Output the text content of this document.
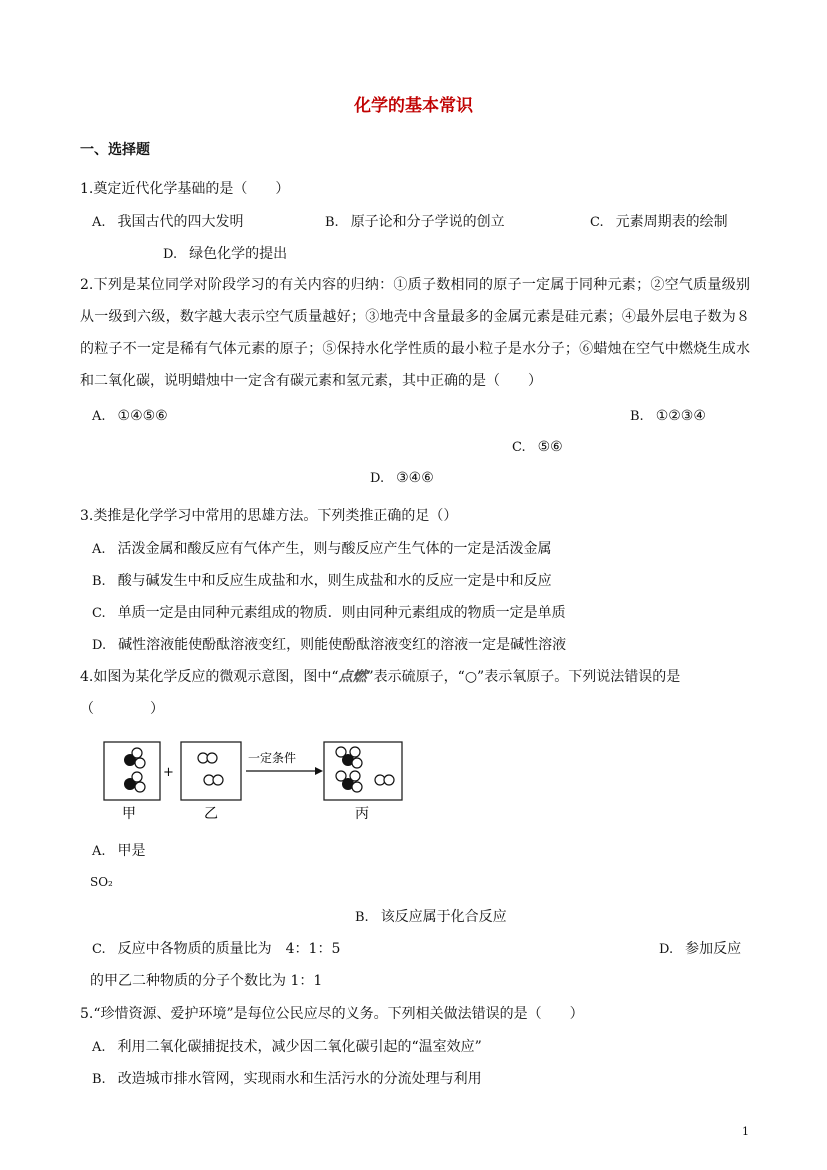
化学的基本常识
一、选择题
1.奠定近代化学基础的是（　　）
A. 我国古代的四大发明	B. 原子论和分子学说的创立	C. 元素周期表的绘制
D. 绿色化学的提出
2.下列是某位同学对阶段学习的有关内容的归纳：①质子数相同的原子一定属于同种元素；②空气质量级别从一级到六级，数字越大表示空气质量越好；③地壳中含量最多的金属元素是硅元素；④最外层电子数为８的粒子不一定是稀有气体元素的原子；⑤保持水化学性质的最小粒子是水分子；⑥蜡烛在空气中燃烧生成水和二氧化碳，说明蜡烛中一定含有碳元素和氢元素，其中正确的是（　　）
A. ①④⑤⑥	B. ①②③④
C. ⑤⑥
D. ③④⑥
3.类推是化学学习中常用的思雄方法。下列类推正确的足（）
A. 活泼金属和酸反应有气体产生，则与酸反应产生气体的一定是活泼金属
B. 酸与碱发生中和反应生成盐和水，则生成盐和水的反应一定是中和反应
C. 单质一定是由同种元素组成的物质．则由同种元素组成的物质一定是单质
D. 碱性溶液能使酚酞溶液变红，则能使酚酞溶液变红的溶液一定是碱性溶液
4.如图为某化学反应的微观示意图，图中“点燃”表示硫原子，“○”表示氧原子。下列说法错误的是
（　　　　）
+
一定条件
甲	乙	丙
A. 甲是
SO₂
B. 该反应属于化合反应
C. 反应中各物质的质量比为　4：1：5	D. 参加反应
的甲乙二种物质的分子个数比为 1：1
5.“珍惜资源、爱护环境”是每位公民应尽的义务。下列相关做法错误的是（　　）
A. 利用二氧化碳捕捉技术，减少因二氧化碳引起的“温室效应”
B. 改造城市排水管网，实现雨水和生活污水的分流处理与利用
1
